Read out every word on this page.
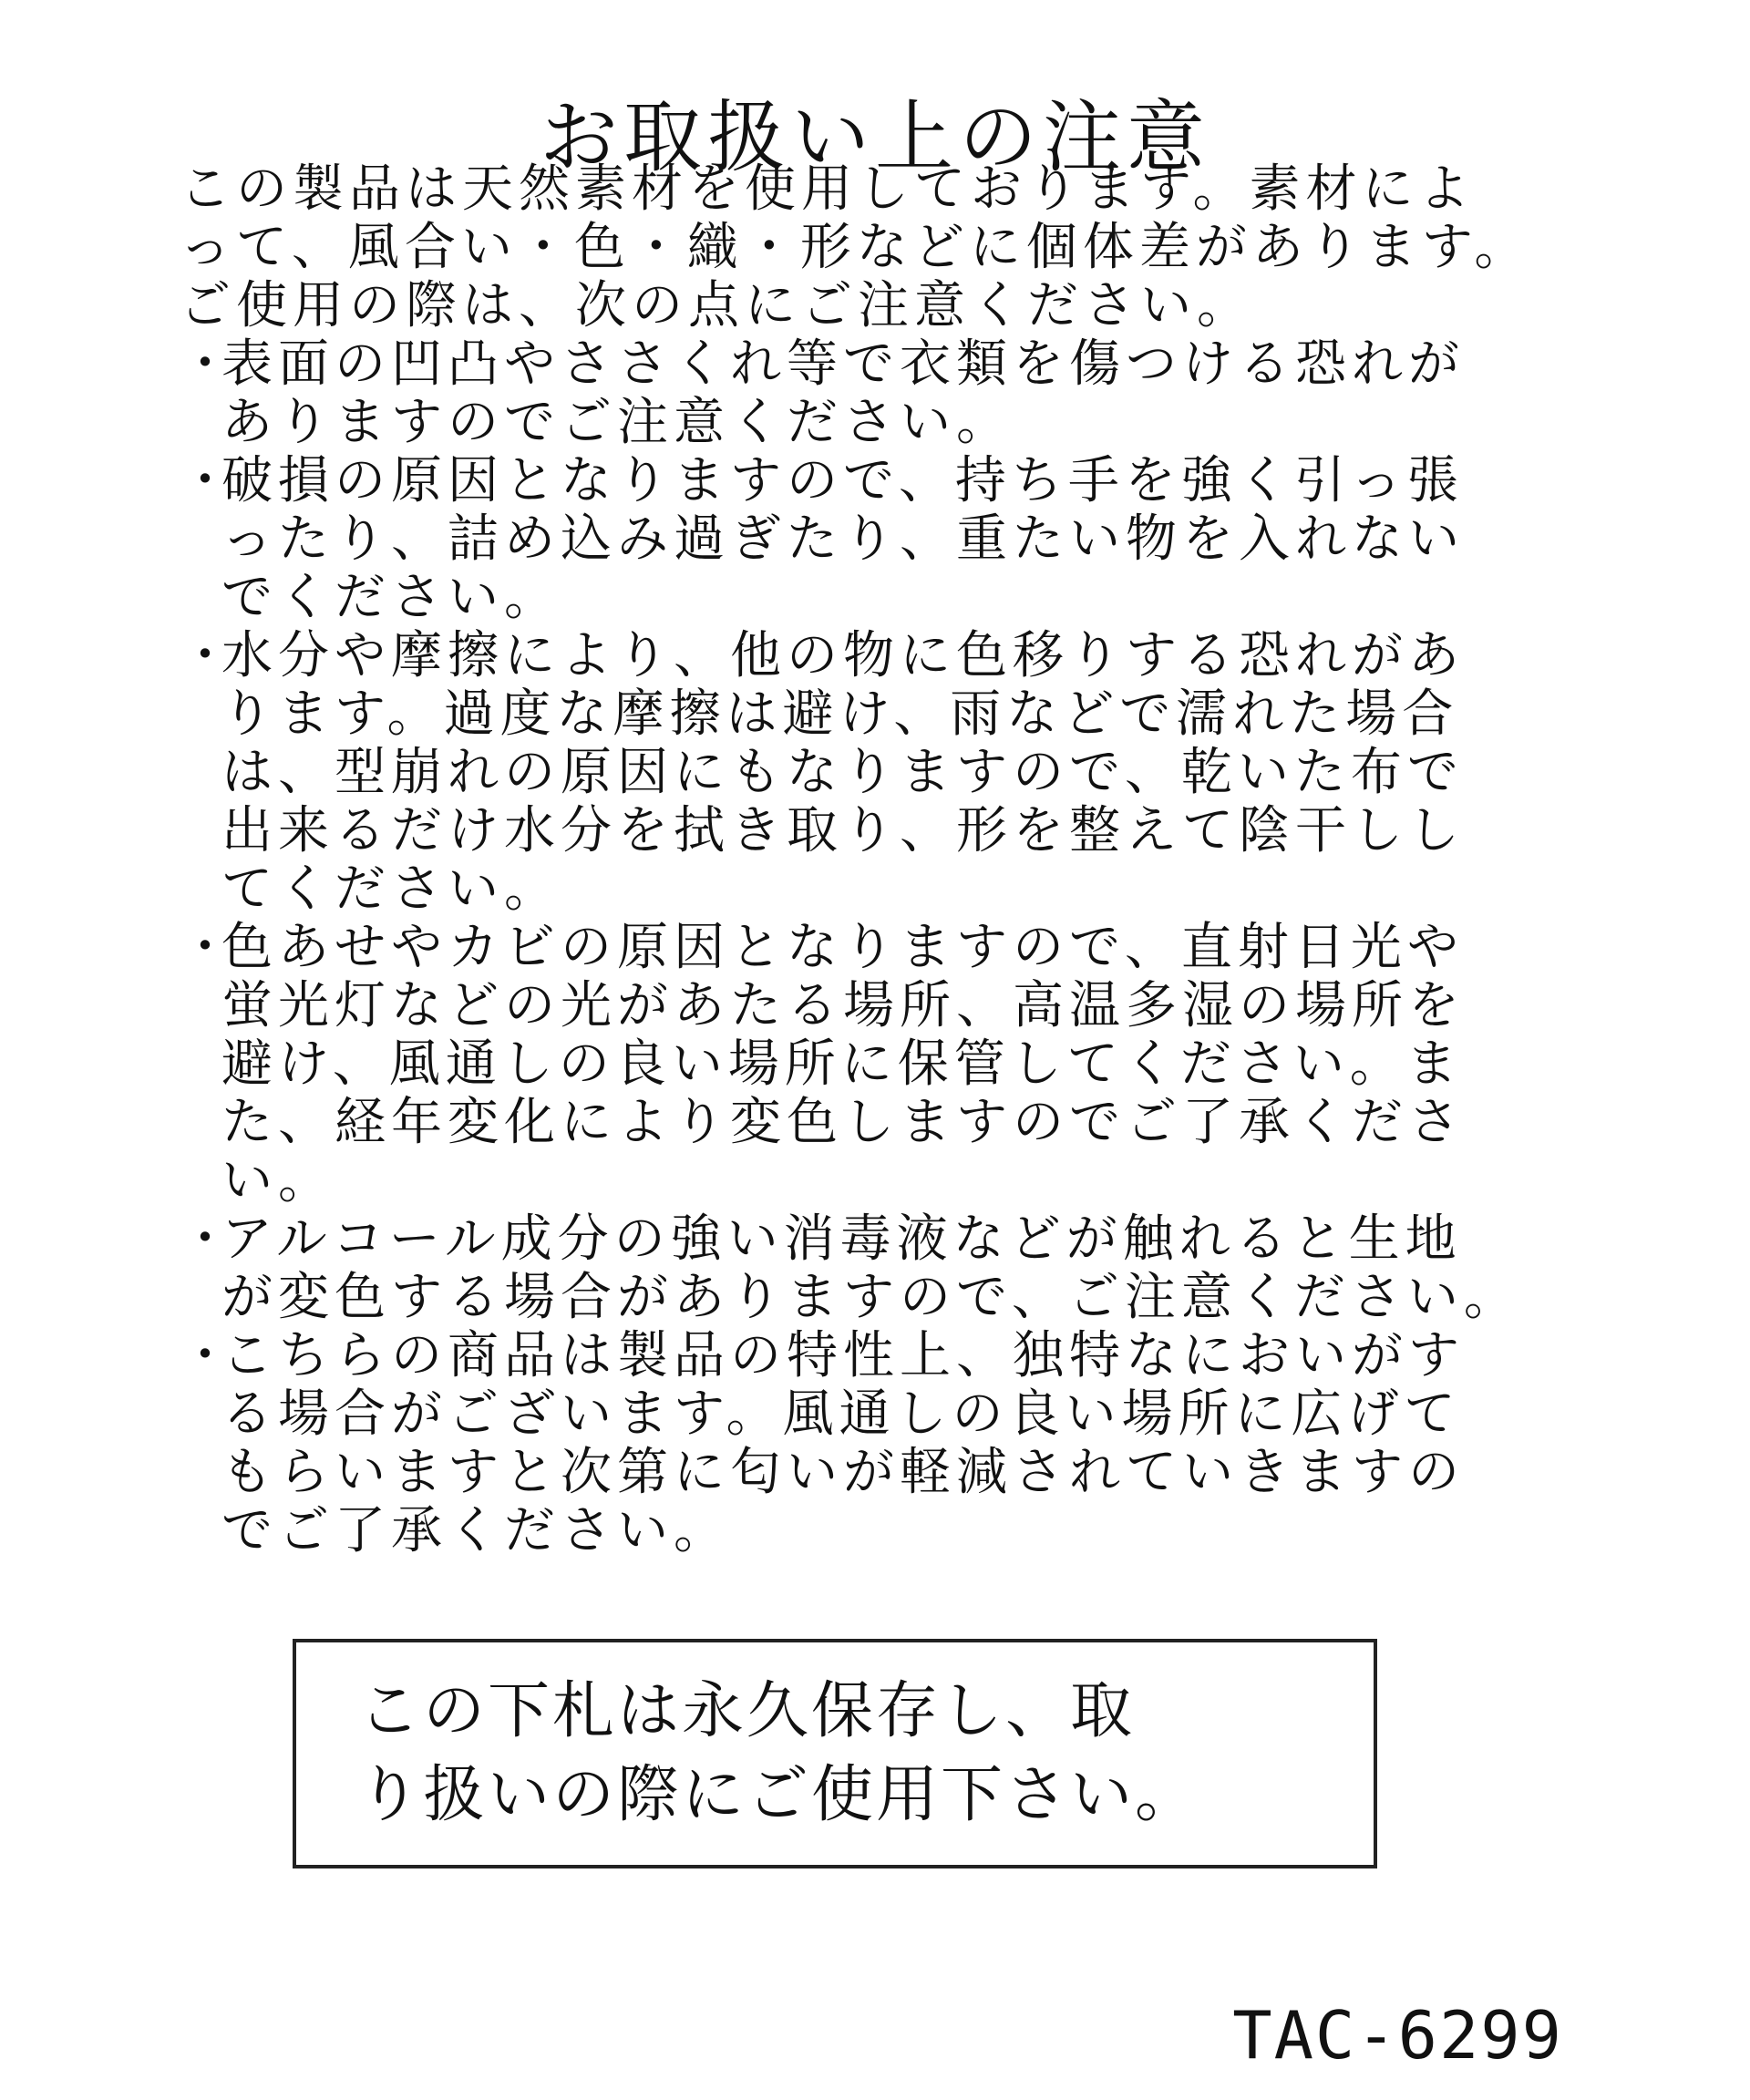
お取扱い上の注意

この製品は天然素材を使用しております。素材によ

って、風合い・色・織・形などに個体差があります。

ご使用の際は、次の点にご注意ください。

・
表面の凹凸やささくれ等で衣類を傷つける恐れが
ありますのでご注意ください。
・
破損の原因となりますので、持ち手を強く引っ張
ったり、詰め込み過ぎたり、重たい物を入れない
でください。
・
水分や摩擦により、他の物に色移りする恐れがあ
ります。過度な摩擦は避け、雨などで濡れた場合
は、型崩れの原因にもなりますので、乾いた布で
出来るだけ水分を拭き取り、形を整えて陰干しし
てください。
・
色あせやカビの原因となりますので、直射日光や
蛍光灯などの光があたる場所、高温多湿の場所を
避け、風通しの良い場所に保管してください。ま
た、経年変化により変色しますのでご了承くださ
い。
・
アルコール成分の強い消毒液などが触れると生地
が変色する場合がありますので、ご注意ください。
・
こちらの商品は製品の特性上、独特なにおいがす
る場合がございます。風通しの良い場所に広げて
もらいますと次第に匂いが軽減されていきますの
でご了承ください。
この下札は永久保存し、取
り扱いの際にご使用下さい。
TAC-6299
